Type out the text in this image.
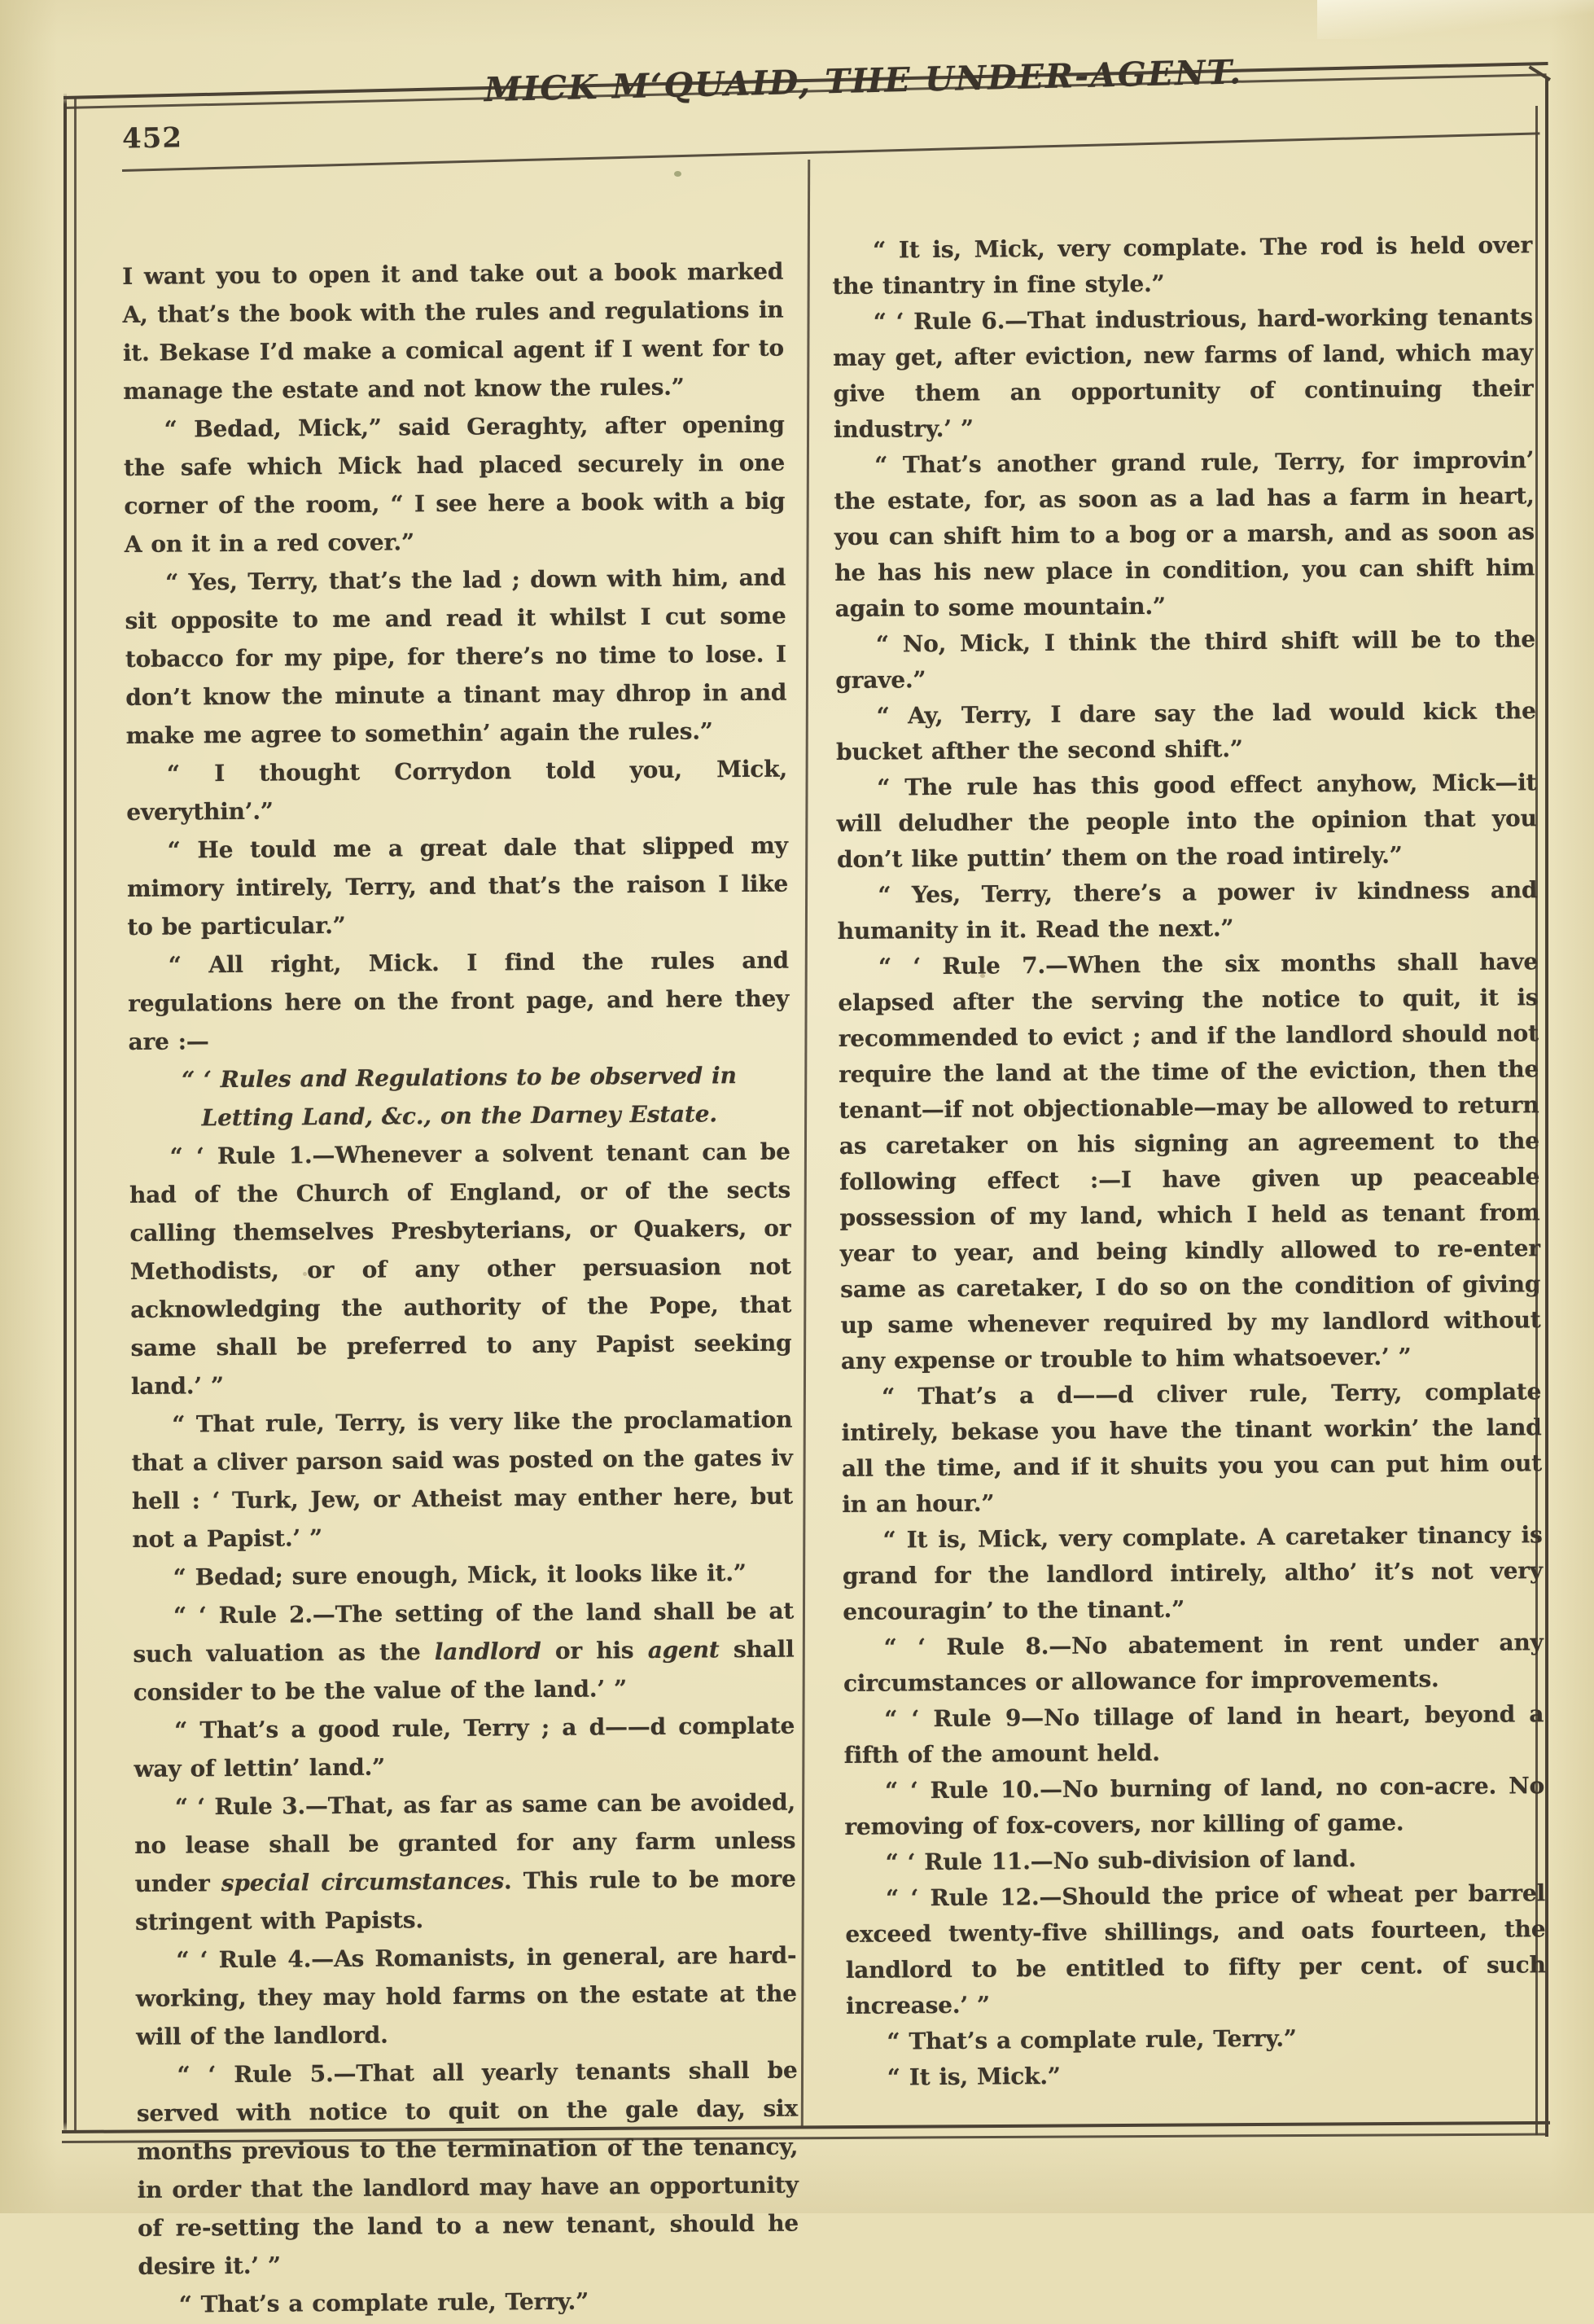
452
MICK M‘QUAID, THE UNDER-AGENT.

I want you to open it and take out a book marked A, that’s the book with the rules and regulations in it. Bekase I’d make a comical agent if I went for to manage the estate and not know the rules.”

“ Bedad, Mick,” said Geraghty, after opening the safe which Mick had placed securely in one corner of the room, “ I see here a book with a big A on it in a red cover.”

“ Yes, Terry, that’s the lad ; down with him, and sit opposite to me and read it whilst I cut some tobacco for my pipe, for there’s no time to lose. I don’t know the minute a tinant may dhrop in and make me agree to somethin’ again the rules.”

“ I thought Corrydon told you, Mick, everythin’.”

“ He tould me a great dale that slipped my mimory intirely, Terry, and that’s the raison I like to be particular.”

“ All right, Mick. I find the rules and regulations here on the front page, and here they are :—

“ ‘ Rules and Regulations to be observed in Letting Land, &c., on the Darney Estate.

“ ‘ Rule 1.—Whenever a solvent tenant can be had of the Church of England, or of the sects calling themselves Presbyterians, or Quakers, or Methodists, or of any other persuasion not acknowledging the authority of the Pope, that same shall be preferred to any Papist seeking land.’ ”

“ That rule, Terry, is very like the proclamation that a cliver parson said was posted on the gates iv hell : ‘ Turk, Jew, or Atheist may enther here, but not a Papist.’ ”

“ Bedad; sure enough, Mick, it looks like it.”

“ ‘ Rule 2.—The setting of the land shall be at such valuation as the landlord or his agent shall consider to be the value of the land.’ ”

“ That’s a good rule, Terry ; a d——d complate way of lettin’ land.”

“ ‘ Rule 3.—That, as far as same can be avoided, no lease shall be granted for any farm unless under special circumstances. This rule to be more stringent with Papists.

“ ‘ Rule 4.—As Romanists, in general, are hard-working, they may hold farms on the estate at the will of the landlord.

“ ‘ Rule 5.—That all yearly tenants shall be served with notice to quit on the gale day, six months previous to the termination of the tenancy, in order that the landlord may have an opportunity of re-setting the land to a new tenant, should he desire it.’ ”

“ That’s a complate rule, Terry.”

“ It is, Mick, very complate. The rod is held over the tinantry in fine style.”

“ ‘ Rule 6.—That industrious, hard-working tenants may get, after eviction, new farms of land, which may give them an opportunity of continuing their industry.’ ”

“ That’s another grand rule, Terry, for improvin’ the estate, for, as soon as a lad has a farm in heart, you can shift him to a bog or a marsh, and as soon as he has his new place in condition, you can shift him again to some mountain.”

“ No, Mick, I think the third shift will be to the grave.”

“ Ay, Terry, I dare say the lad would kick the bucket afther the second shift.”

“ The rule has this good effect anyhow, Mick—it will deludher the people into the opinion that you don’t like puttin’ them on the road intirely.”

“ Yes, Terry, there’s a power iv kindness and humanity in it. Read the next.”

“ ‘ Rule 7.—When the six months shall have elapsed after the serving the notice to quit, it is recommended to evict ; and if the landlord should not require the land at the time of the eviction, then the tenant—if not objectionable—may be allowed to return as caretaker on his signing an agreement to the following effect :—I have given up peaceable possession of my land, which I held as tenant from year to year, and being kindly allowed to re-enter same as caretaker, I do so on the condition of giving up same whenever required by my landlord without any expense or trouble to him whatsoever.’ ”

“ That’s a d——d cliver rule, Terry, complate intirely, bekase you have the tinant workin’ the land all the time, and if it shuits you you can put him out in an hour.”

“ It is, Mick, very complate. A caretaker tinancy is grand for the landlord intirely, altho’ it’s not very encouragin’ to the tinant.”

“ ‘ Rule 8.—No abatement in rent under any circumstances or allowance for improvements.

“ ‘ Rule 9—No tillage of land in heart, beyond a fifth of the amount held.

“ ‘ Rule 10.—No burning of land, no con-acre. No removing of fox-covers, nor killing of game.

“ ‘ Rule 11.—No sub-division of land.

“ ‘ Rule 12.—Should the price of wheat per barrel exceed twenty-five shillings, and oats fourteen, the landlord to be entitled to fifty per cent. of such increase.’ ”

“ That’s a complate rule, Terry.”

“ It is, Mick.”
